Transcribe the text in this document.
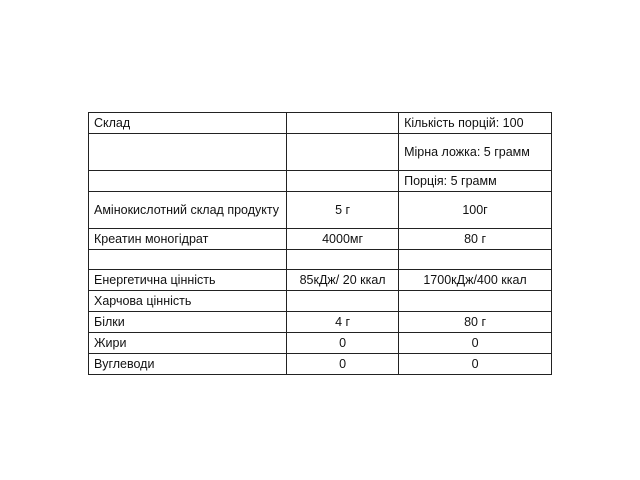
Склад		Кількість порцій: 100
		Мірна ложка: 5 грамм
		Порція: 5 грамм
Амінокислотний склад продукту	5 г	100г
Креатин моногідрат	4000мг	80 г

Енергетична цінність	85кДж/ 20 ккал	1700кДж/400 ккал
Харчова цінність		
Білки	4 г	80 г
Жири	0	0
Вуглеводи	0	0
